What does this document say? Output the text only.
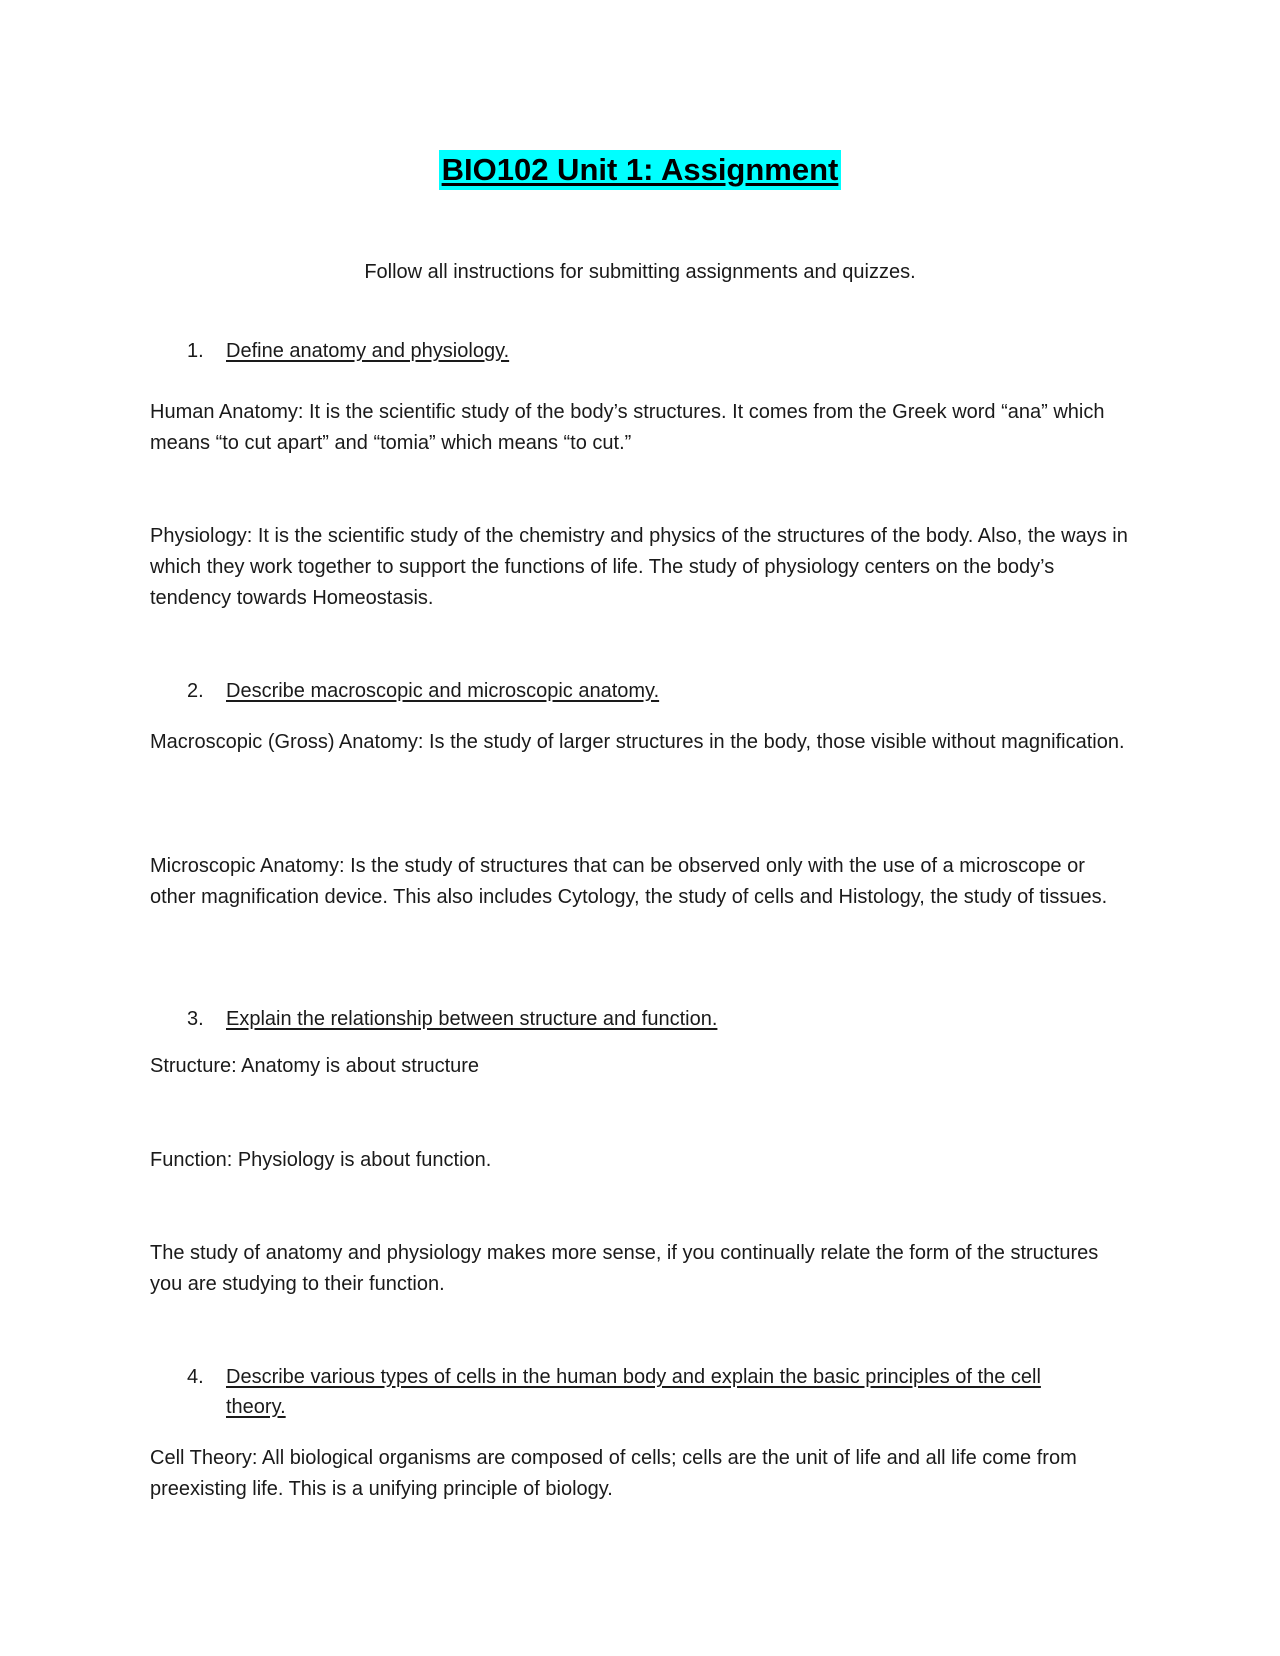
BIO102 Unit 1: Assignment
Follow all instructions for submitting assignments and quizzes.
1.	Define anatomy and physiology.
Human Anatomy: It is the scientific study of the body’s structures. It comes from the Greek word “ana” which means “to cut apart” and “tomia” which means “to cut.”
Physiology: It is the scientific study of the chemistry and physics of the structures of the body. Also, the ways in which they work together to support the functions of life. The study of physiology centers on the body’s tendency towards Homeostasis.
2.	Describe macroscopic and microscopic anatomy.
Macroscopic (Gross) Anatomy: Is the study of larger structures in the body, those visible without magnification.
Microscopic Anatomy: Is the study of structures that can be observed only with the use of a microscope or other magnification device. This also includes Cytology, the study of cells and Histology, the study of tissues.
3.	Explain the relationship between structure and function.
Structure: Anatomy is about structure
Function: Physiology is about function.
The study of anatomy and physiology makes more sense, if you continually relate the form of the structures you are studying to their function.
4.	Describe various types of cells in the human body and explain the basic principles of the cell theory.
Cell Theory: All biological organisms are composed of cells; cells are the unit of life and all life come from preexisting life. This is a unifying principle of biology.
